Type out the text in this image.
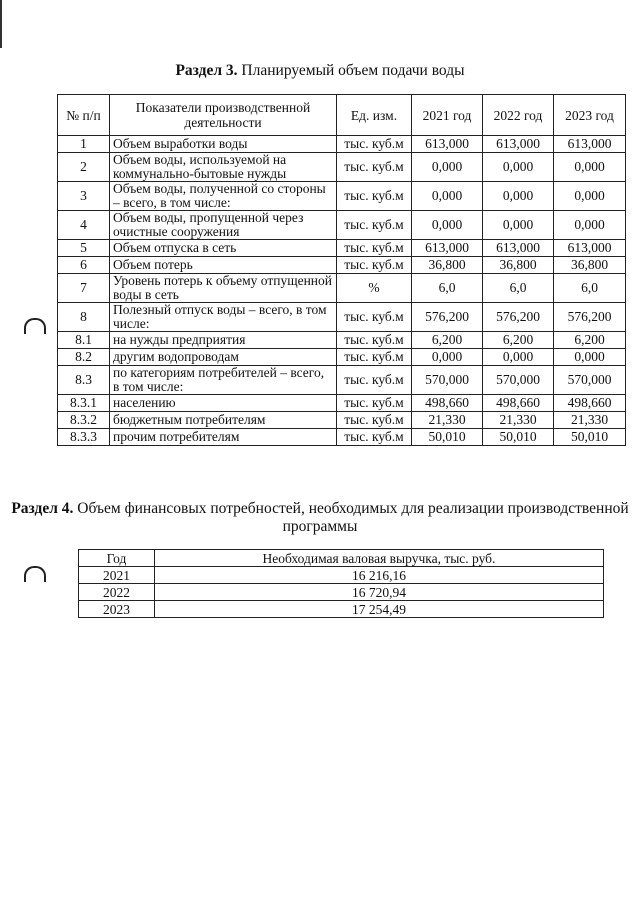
Раздел 3. Планируемый объем подачи воды
№ п/п	Показатели производственной деятельности	Ед. изм.	2021 год	2022 год	2023 год
1	Объем выработки воды	тыс. куб.м	613,000	613,000	613,000
2	Объем воды, используемой на коммунально-бытовые нужды	тыс. куб.м	0,000	0,000	0,000
3	Объем воды, полученной со стороны – всего, в том числе:	тыс. куб.м	0,000	0,000	0,000
4	Объем воды, пропущенной через очистные сооружения	тыс. куб.м	0,000	0,000	0,000
5	Объем отпуска в сеть	тыс. куб.м	613,000	613,000	613,000
6	Объем потерь	тыс. куб.м	36,800	36,800	36,800
7	Уровень потерь к объему отпущенной воды в сеть	%	6,0	6,0	6,0
8	Полезный отпуск воды – всего, в том числе:	тыс. куб.м	576,200	576,200	576,200
8.1	на нужды предприятия	тыс. куб.м	6,200	6,200	6,200
8.2	другим водопроводам	тыс. куб.м	0,000	0,000	0,000
8.3	по категориям потребителей – всего, в том числе:	тыс. куб.м	570,000	570,000	570,000
8.3.1	населению	тыс. куб.м	498,660	498,660	498,660
8.3.2	бюджетным потребителям	тыс. куб.м	21,330	21,330	21,330
8.3.3	прочим потребителям	тыс. куб.м	50,010	50,010	50,010
Раздел 4. Объем финансовых потребностей, необходимых для реализации производственной программы
Год	Необходимая валовая выручка, тыс. руб.
2021	16 216,16
2022	16 720,94
2023	17 254,49
